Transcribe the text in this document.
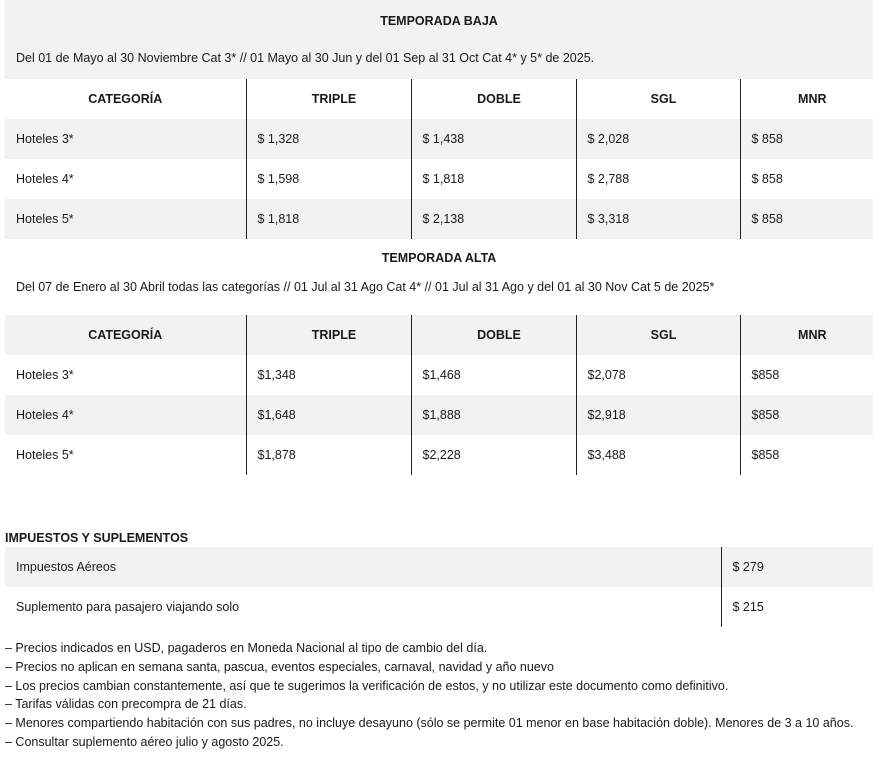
TEMPORADA BAJA				
Del 01 de Mayo al 30 Noviembre Cat 3* // 01 Mayo al 30 Jun y del 01 Sep al 31 Oct Cat 4* y 5* de 2025.				
CATEGORÍA	TRIPLE	DOBLE	SGL	MNR
Hoteles 3*	$ 1,328	$ 1,438	$ 2,028	$ 858
Hoteles 4*	$ 1,598	$ 1,818	$ 2,788	$ 858
Hoteles 5*	$ 1,818	$ 2,138	$ 3,318	$ 858
TEMPORADA ALTA				
Del 07 de Enero al 30 Abril todas las categorías // 01 Jul al 31 Ago Cat 4* // 01 Jul al 31 Ago y del 01 al 30 Nov Cat 5 de 2025*				
CATEGORÍA	TRIPLE	DOBLE	SGL	MNR
Hoteles 3*	$1,348	$1,468	$2,078	$858
Hoteles 4*	$1,648	$1,888	$2,918	$858
Hoteles 5*	$1,878	$2,228	$3,488	$858
IMPUESTOS Y SUPLEMENTOS
Impuestos Aéreos	$ 279
Suplemento para pasajero viajando solo	$ 215
– Precios indicados en USD, pagaderos en Moneda Nacional al tipo de cambio del día.
– Precios no aplican en semana santa, pascua, eventos especiales, carnaval, navidad y año nuevo
– Los precios cambian constantemente, así que te sugerimos la verificación de estos, y no utilizar este documento como definitivo.
– Tarifas válidas con precompra de 21 días.
– Menores compartiendo habitación con sus padres, no incluye desayuno (sólo se permite 01 menor en base habitación doble). Menores de 3 a 10 años.
– Consultar suplemento aéreo julio y agosto 2025.
